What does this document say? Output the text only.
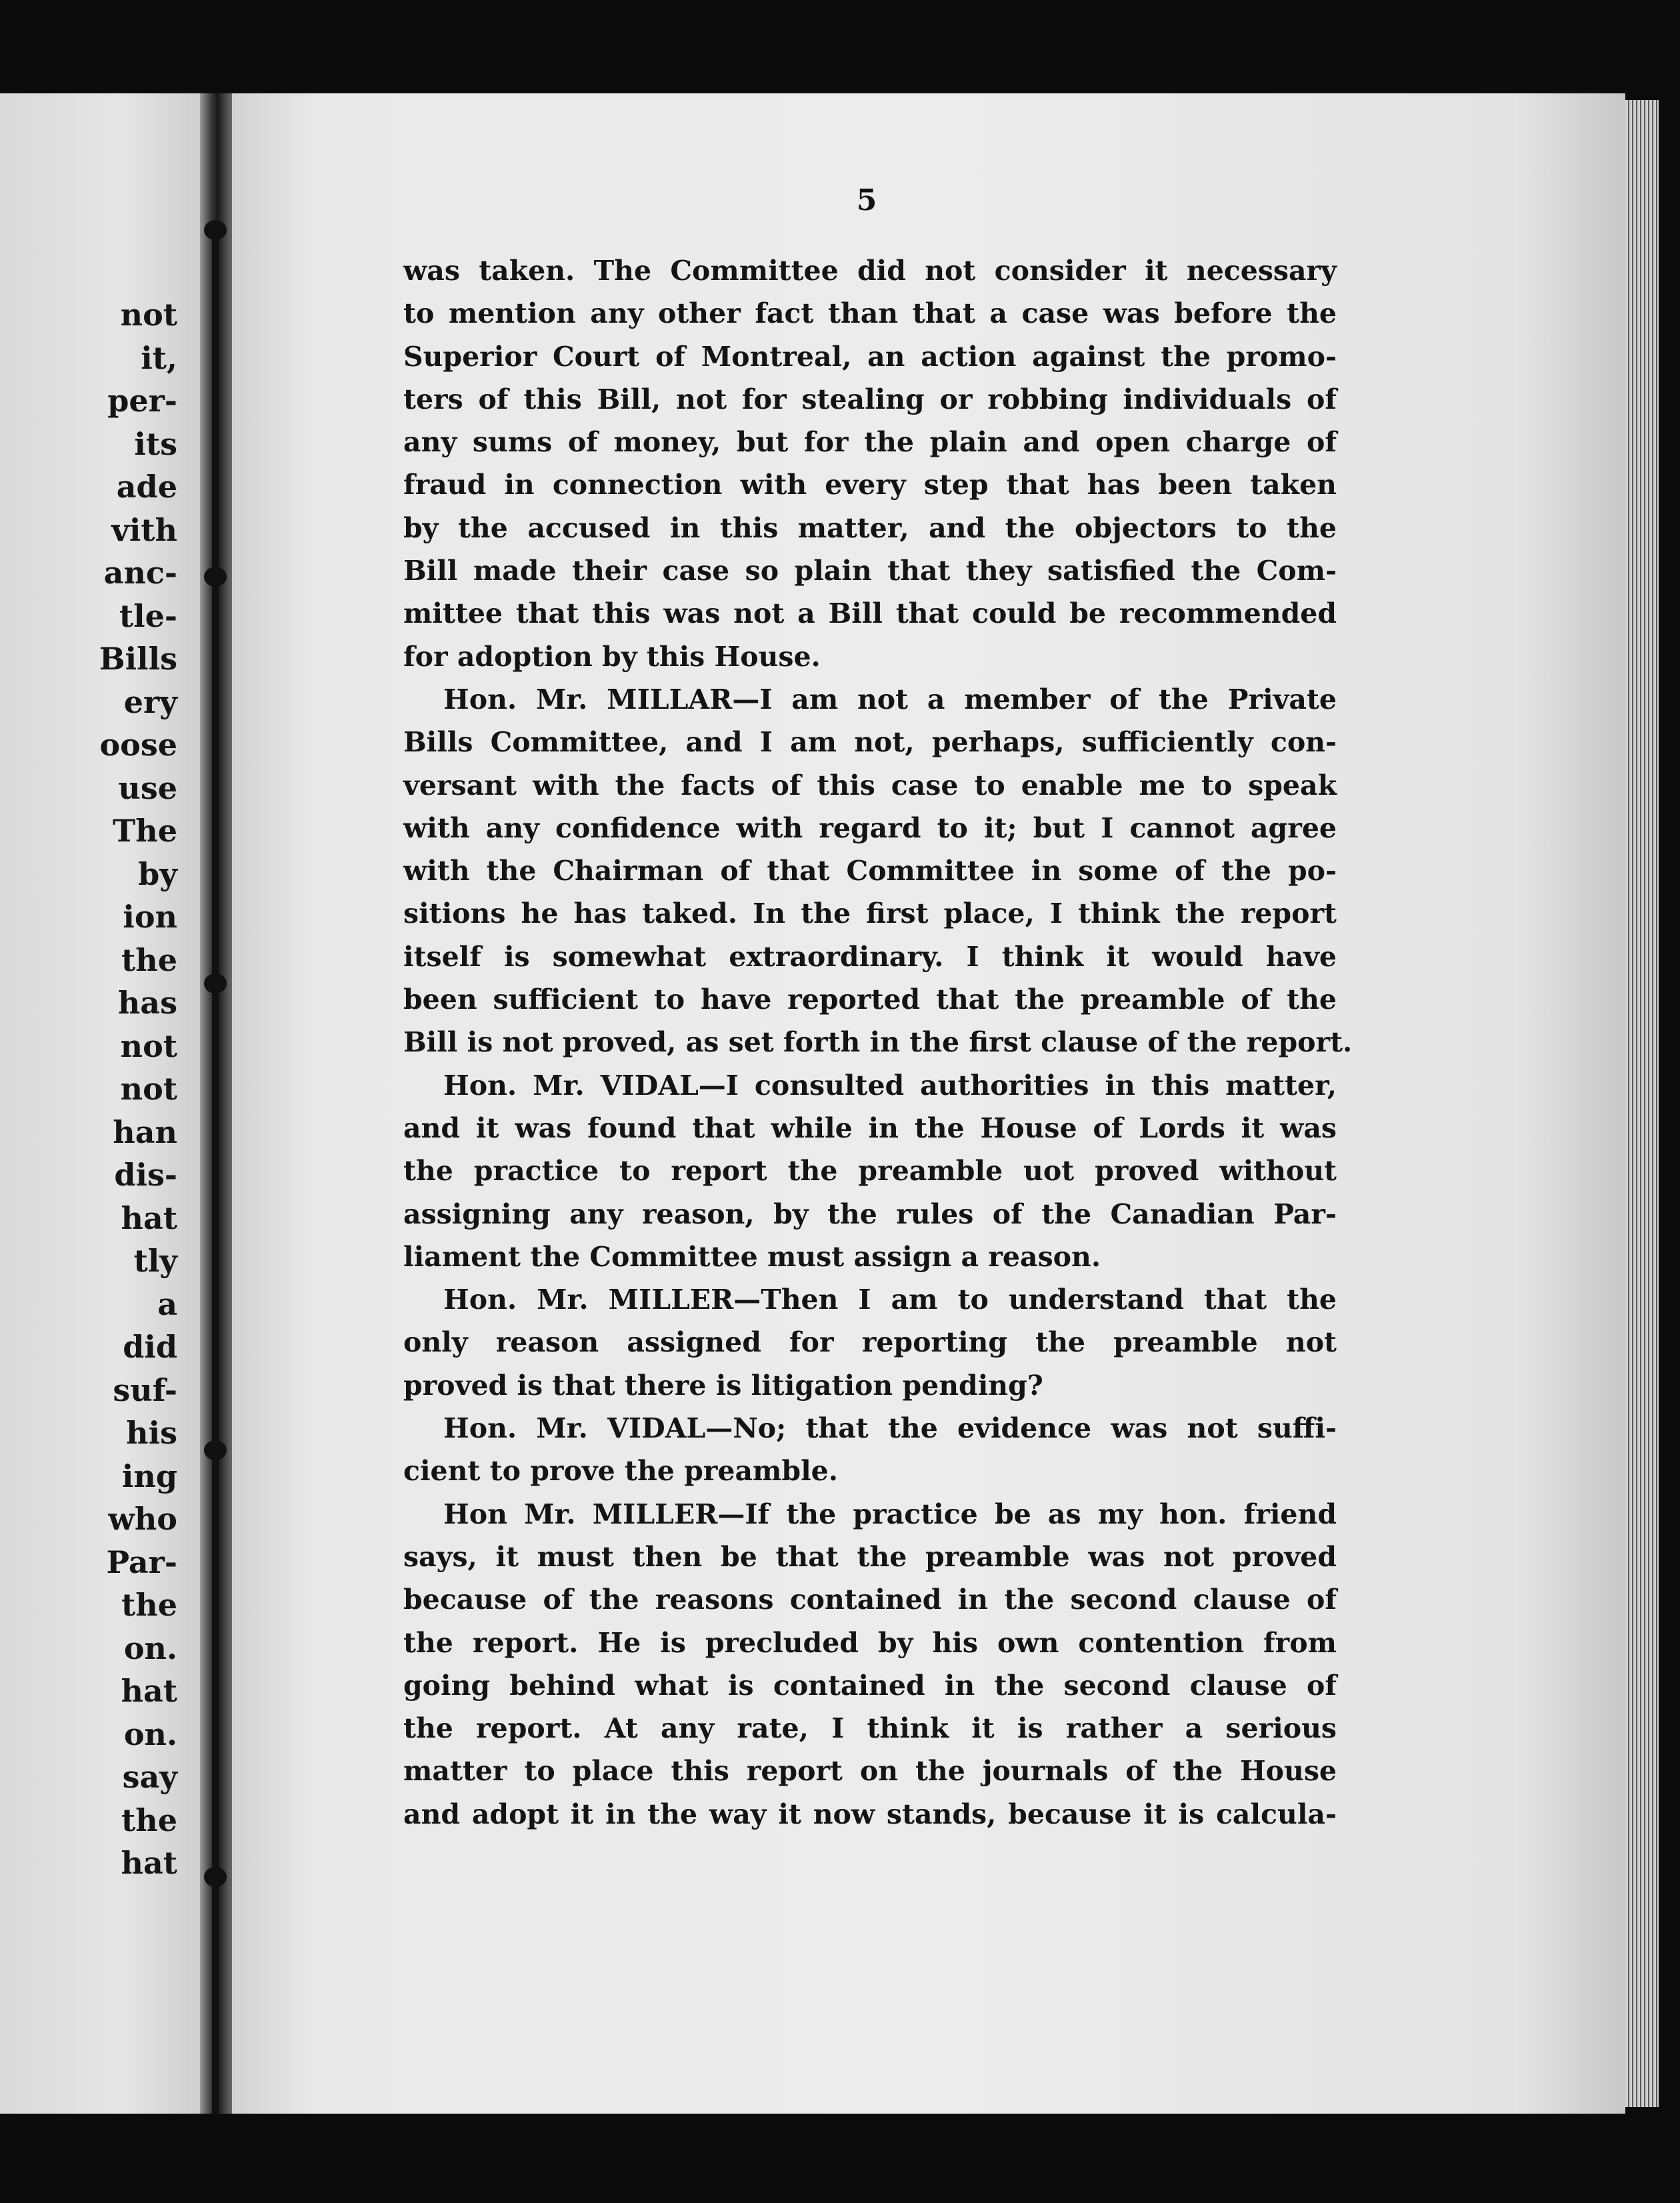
not
it,
per-
its
ade
vith
anc-
tle-
Bills
ery
oose
use
The
by
ion
the
has
not
not
han
dis-
hat
tly
a
did
suf-
his
ing
who
Par-
the
on.
hat
on.
say
the
hat
5
was taken. The Committee did not consider it necessary
to mention any other fact than that a case was before the
Superior Court of Montreal, an action against the promo-
ters of this Bill, not for stealing or robbing individuals of
any sums of money, but for the plain and open charge of
fraud in connection with every step that has been taken
by the accused in this matter, and the objectors to the
Bill made their case so plain that they satisfied the Com-
mittee that this was not a Bill that could be recommended
for adoption by this House.
Hon. Mr. MILLAR—I am not a member of the Private
Bills Committee, and I am not, perhaps, sufficiently con-
versant with the facts of this case to enable me to speak
with any confidence with regard to it; but I cannot agree
with the Chairman of that Committee in some of the po-
sitions he has taked. In the first place, I think the report
itself is somewhat extraordinary. I think it would have
been sufficient to have reported that the preamble of the
Bill is not proved, as set forth in the first clause of the report.
Hon. Mr. VIDAL—I consulted authorities in this matter,
and it was found that while in the House of Lords it was
the practice to report the preamble uot proved without
assigning any reason, by the rules of the Canadian Par-
liament the Committee must assign a reason.
Hon. Mr. MILLER—Then I am to understand that the
only reason assigned for reporting the preamble not
proved is that there is litigation pending?
Hon. Mr. VIDAL—No; that the evidence was not suffi-
cient to prove the preamble.
Hon Mr. MILLER—If the practice be as my hon. friend
says, it must then be that the preamble was not proved
because of the reasons contained in the second clause of
the report. He is precluded by his own contention from
going behind what is contained in the second clause of
the report. At any rate, I think it is rather a serious
matter to place this report on the journals of the House
and adopt it in the way it now stands, because it is calcula-
